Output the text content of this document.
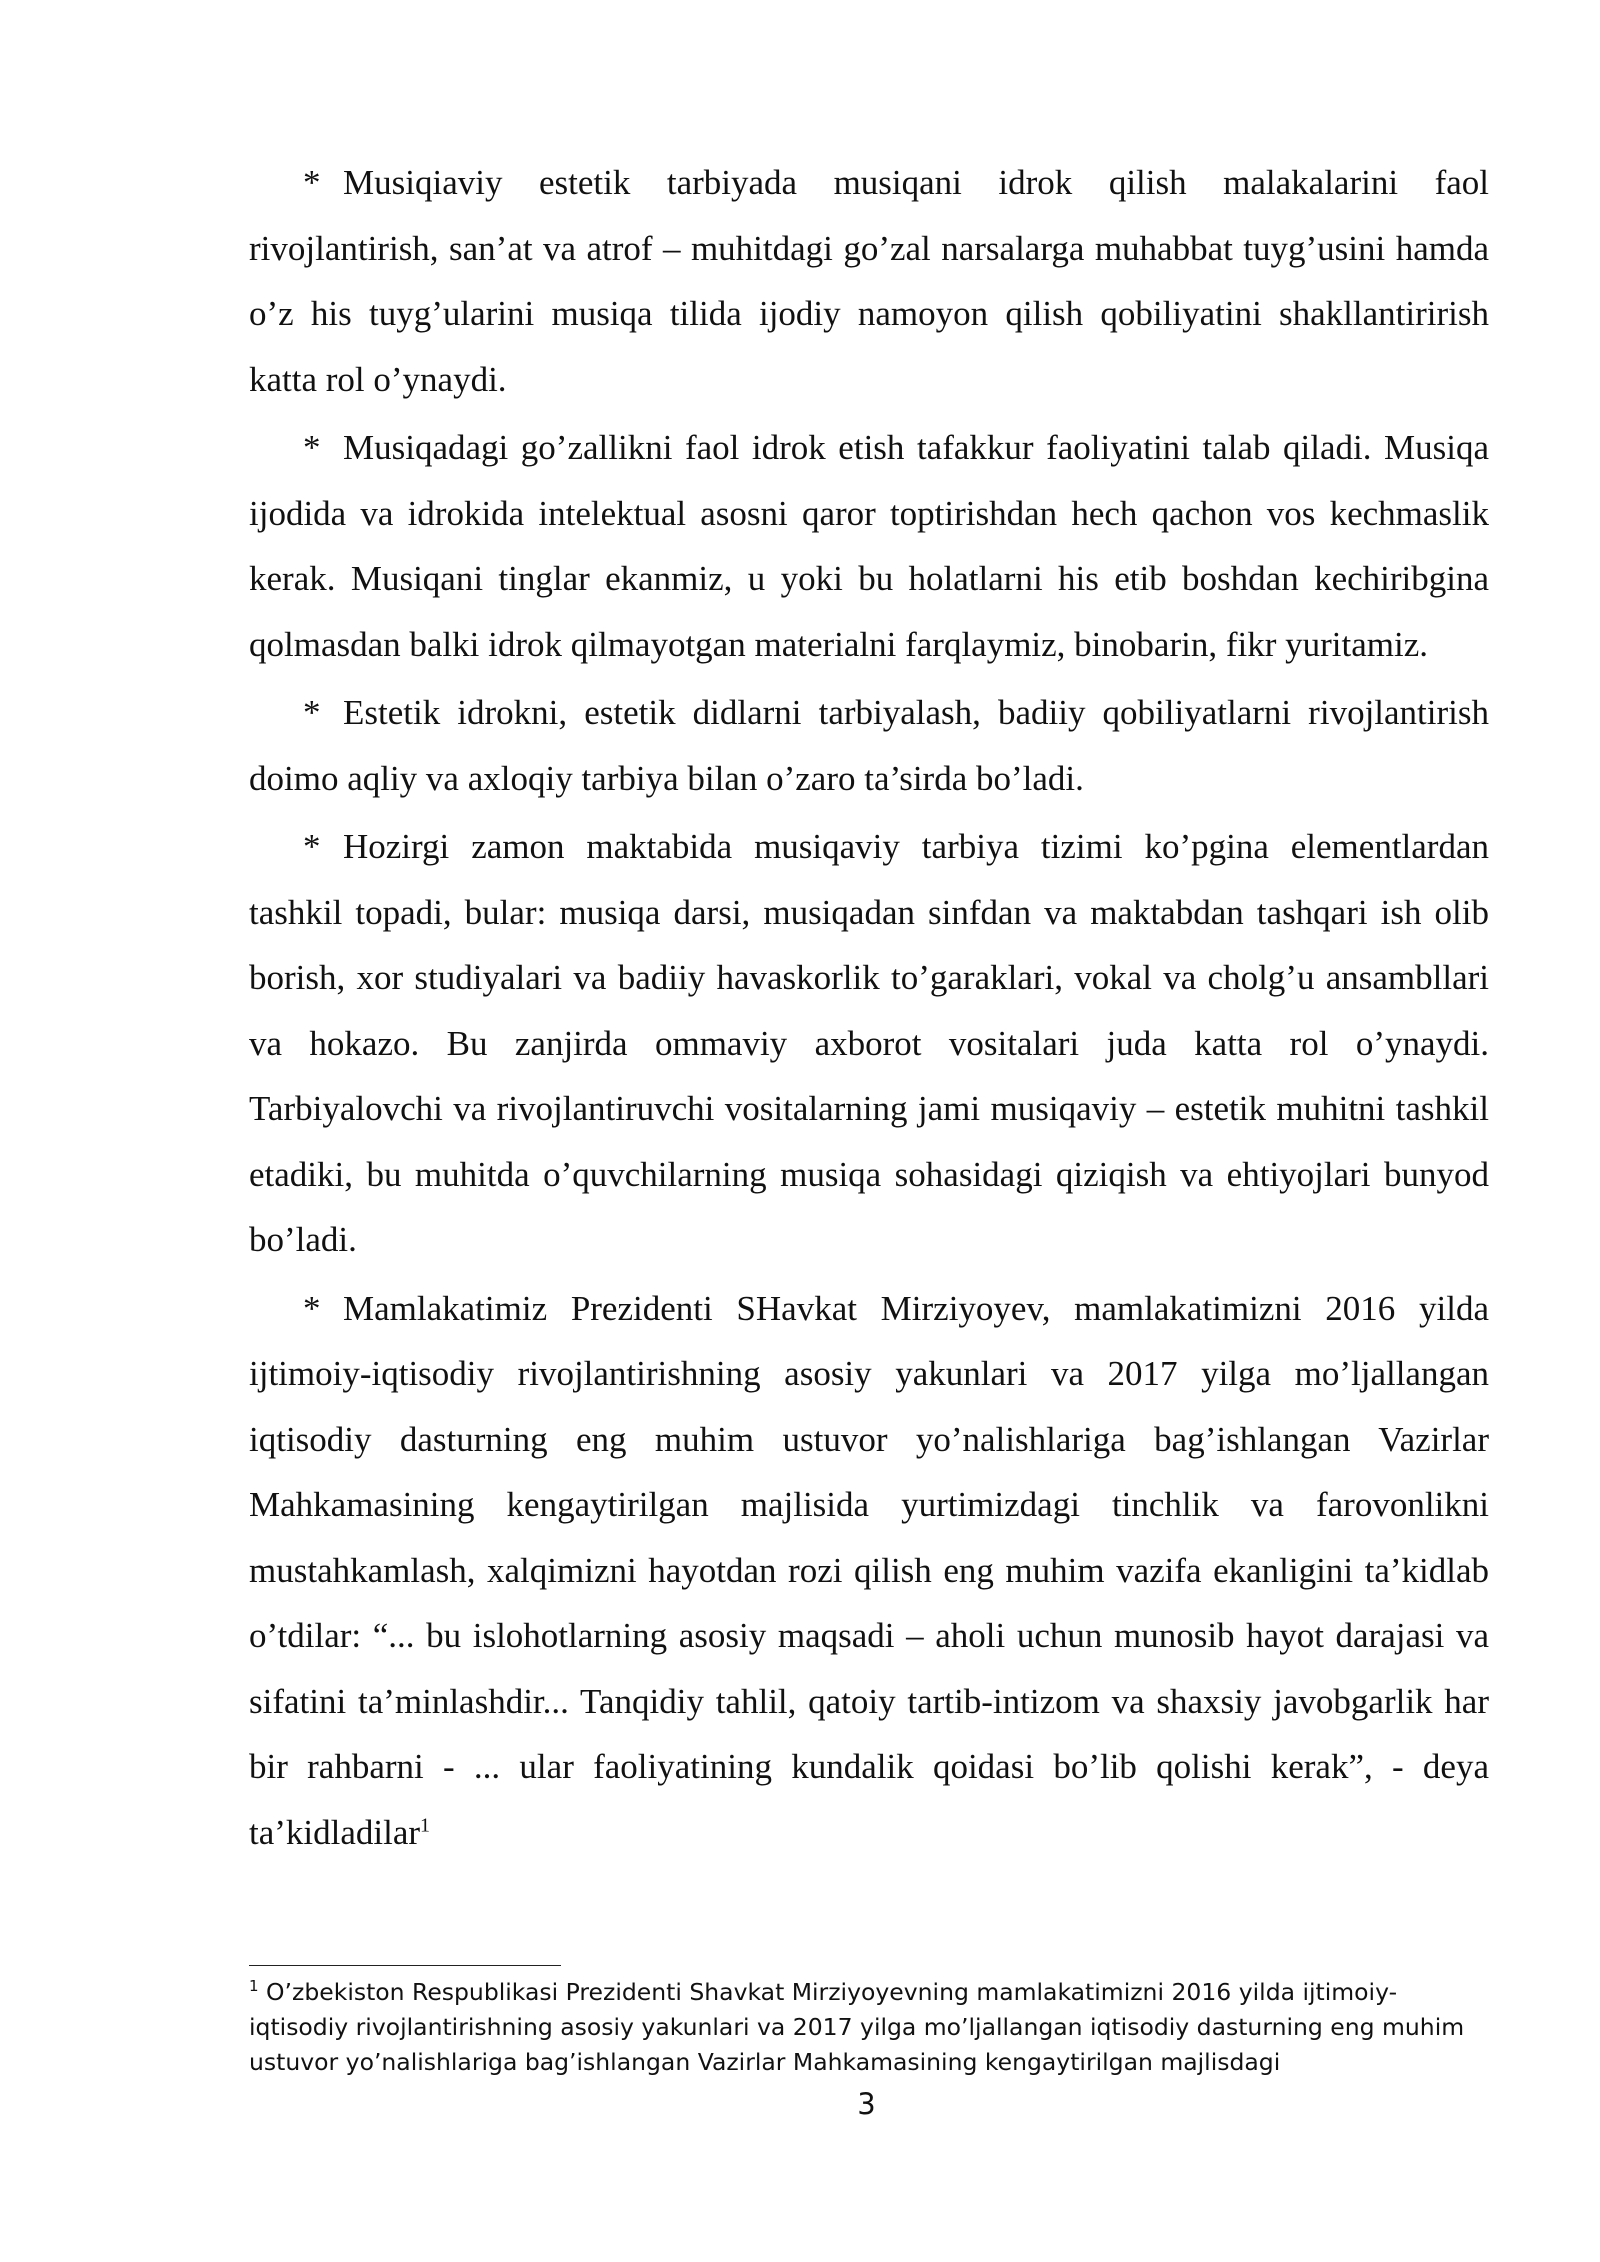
* Musiqiaviy estetik tarbiyada musiqani idrok qilish malakalarini faol rivojlantirish, san’at va atrof – muhitdagi go’zal narsalarga muhabbat tuyg’usini hamda o’z his tuyg’ularini musiqa tilida ijodiy namoyon qilish qobiliyatini shakllantirirish katta rol o’ynaydi.

* Musiqadagi go’zallikni faol idrok etish tafakkur faoliyatini talab qiladi. Musiqa ijodida va idrokida intelektual asosni qaror toptirishdan hech qachon vos kechmaslik kerak. Musiqani tinglar ekanmiz, u yoki bu holatlarni his etib boshdan kechiribgina qolmasdan balki idrok qilmayotgan materialni farqlaymiz, binobarin, fikr yuritamiz.

* Estetik idrokni, estetik didlarni tarbiyalash, badiiy qobiliyatlarni rivojlantirish doimo aqliy va axloqiy tarbiya bilan o’zaro ta’sirda bo’ladi.

* Hozirgi zamon maktabida musiqaviy tarbiya tizimi ko’pgina elementlardan tashkil topadi, bular: musiqa darsi, musiqadan sinfdan va maktabdan tashqari ish olib borish, xor studiyalari va badiiy havaskorlik to’garaklari, vokal va cholg’u ansambllari va hokazo. Bu zanjirda ommaviy axborot vositalari juda katta rol o’ynaydi. Tarbiyalovchi va rivojlantiruvchi vositalarning jami musiqaviy – estetik muhitni tashkil etadiki, bu muhitda o’quvchilarning musiqa sohasidagi qiziqish va ehtiyojlari bunyod bo’ladi.

* Mamlakatimiz Prezidenti SHavkat Mirziyoyev, mamlakatimizni 2016 yilda ijtimoiy-iqtisodiy rivojlantirishning asosiy yakunlari va 2017 yilga mo’ljallangan iqtisodiy dasturning eng muhim ustuvor yo’nalishlariga bag’ishlangan Vazirlar Mahkamasining kengaytirilgan majlisida yurtimizdagi tinchlik va farovonlikni mustahkamlash, xalqimizni hayotdan rozi qilish eng muhim vazifa ekanligini ta’kidlab o’tdilar: “... bu islohotlarning asosiy maqsadi – aholi uchun munosib hayot darajasi va sifatini ta’minlashdir... Tanqidiy tahlil, qatoiy tartib-intizom va shaxsiy javobgarlik har bir rahbarni - ... ular faoliyatining kundalik qoidasi bo’lib qolishi kerak”, - deya ta’kidladilar$^1$

$^1$ O’zbekiston Respublikasi Prezidenti Shavkat Mirziyoyevning mamlakatimizni 2016 yilda ijtimoiy-iqtisodiy rivojlantirishning asosiy yakunlari va 2017 yilga mo’ljallangan iqtisodiy dasturning eng muhim ustuvor yo’nalishlariga bag’ishlangan Vazirlar Mahkamasining kengaytirilgan majlisdagi

3
